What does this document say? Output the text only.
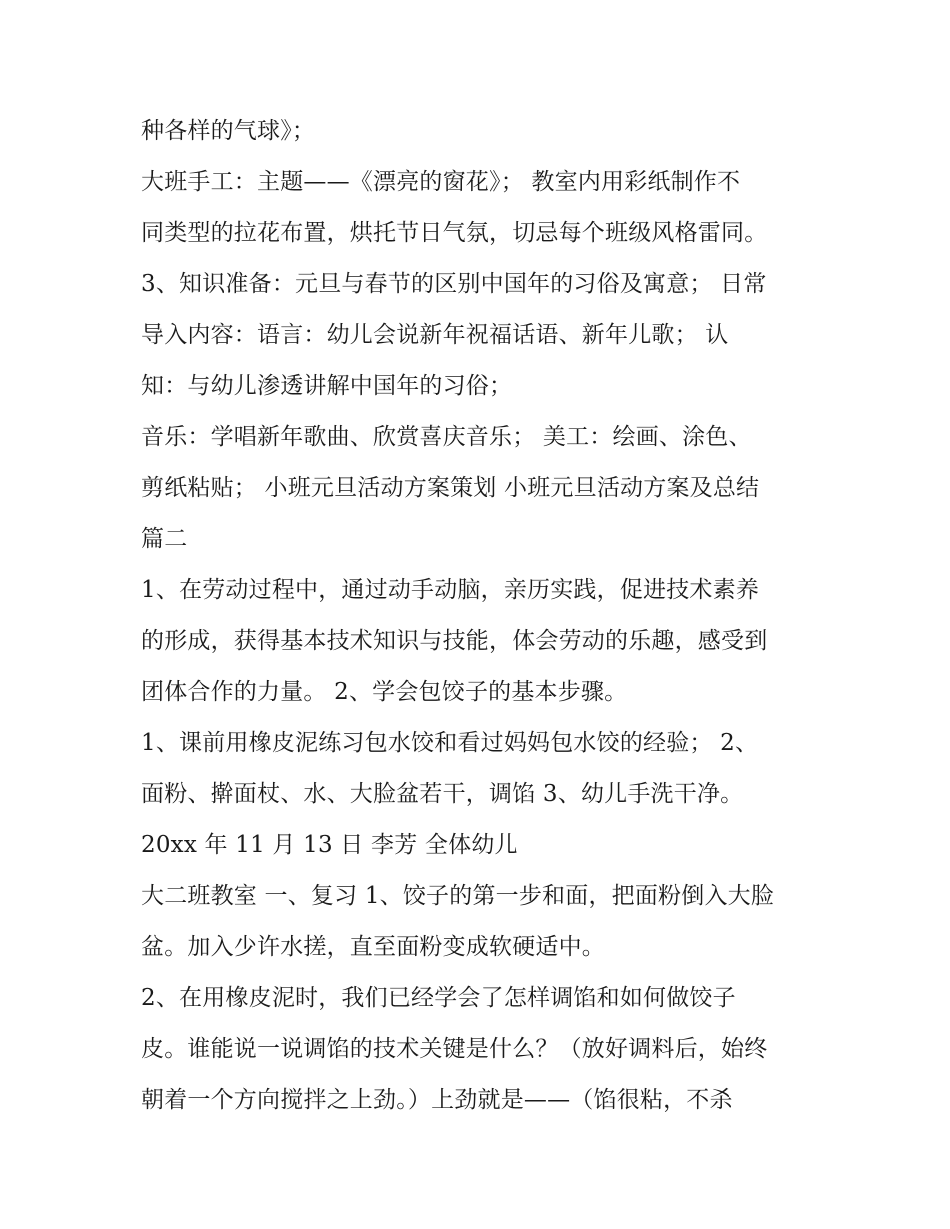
种各样的气球》；
大班手工：主题——《漂亮的窗花》； 教室内用彩纸制作不
同类型的拉花布置，烘托节日气氛，切忌每个班级风格雷同。
3、知识准备：元旦与春节的区别中国年的习俗及寓意； 日常
导入内容：语言：幼儿会说新年祝福话语、新年儿歌； 认
知：与幼儿渗透讲解中国年的习俗；
音乐：学唱新年歌曲、欣赏喜庆音乐； 美工：绘画、涂色、
剪纸粘贴； 小班元旦活动方案策划 小班元旦活动方案及总结
篇二
1、在劳动过程中，通过动手动脑，亲历实践，促进技术素养
的形成，获得基本技术知识与技能，体会劳动的乐趣，感受到
团体合作的力量。 2、学会包饺子的基本步骤。
1、课前用橡皮泥练习包水饺和看过妈妈包水饺的经验； 2、
面粉、擀面杖、水、大脸盆若干，调馅 3、幼儿手洗干净。
20xx 年 11 月 13 日 李芳 全体幼儿
大二班教室 一、复习 1、饺子的第一步和面，把面粉倒入大脸
盆。加入少许水搓，直至面粉变成软硬适中。
2、在用橡皮泥时，我们已经学会了怎样调馅和如何做饺子
皮。谁能说一说调馅的技术关键是什么？（放好调料后，始终
朝着一个方向搅拌之上劲。）上劲就是——（馅很粘，不杀
